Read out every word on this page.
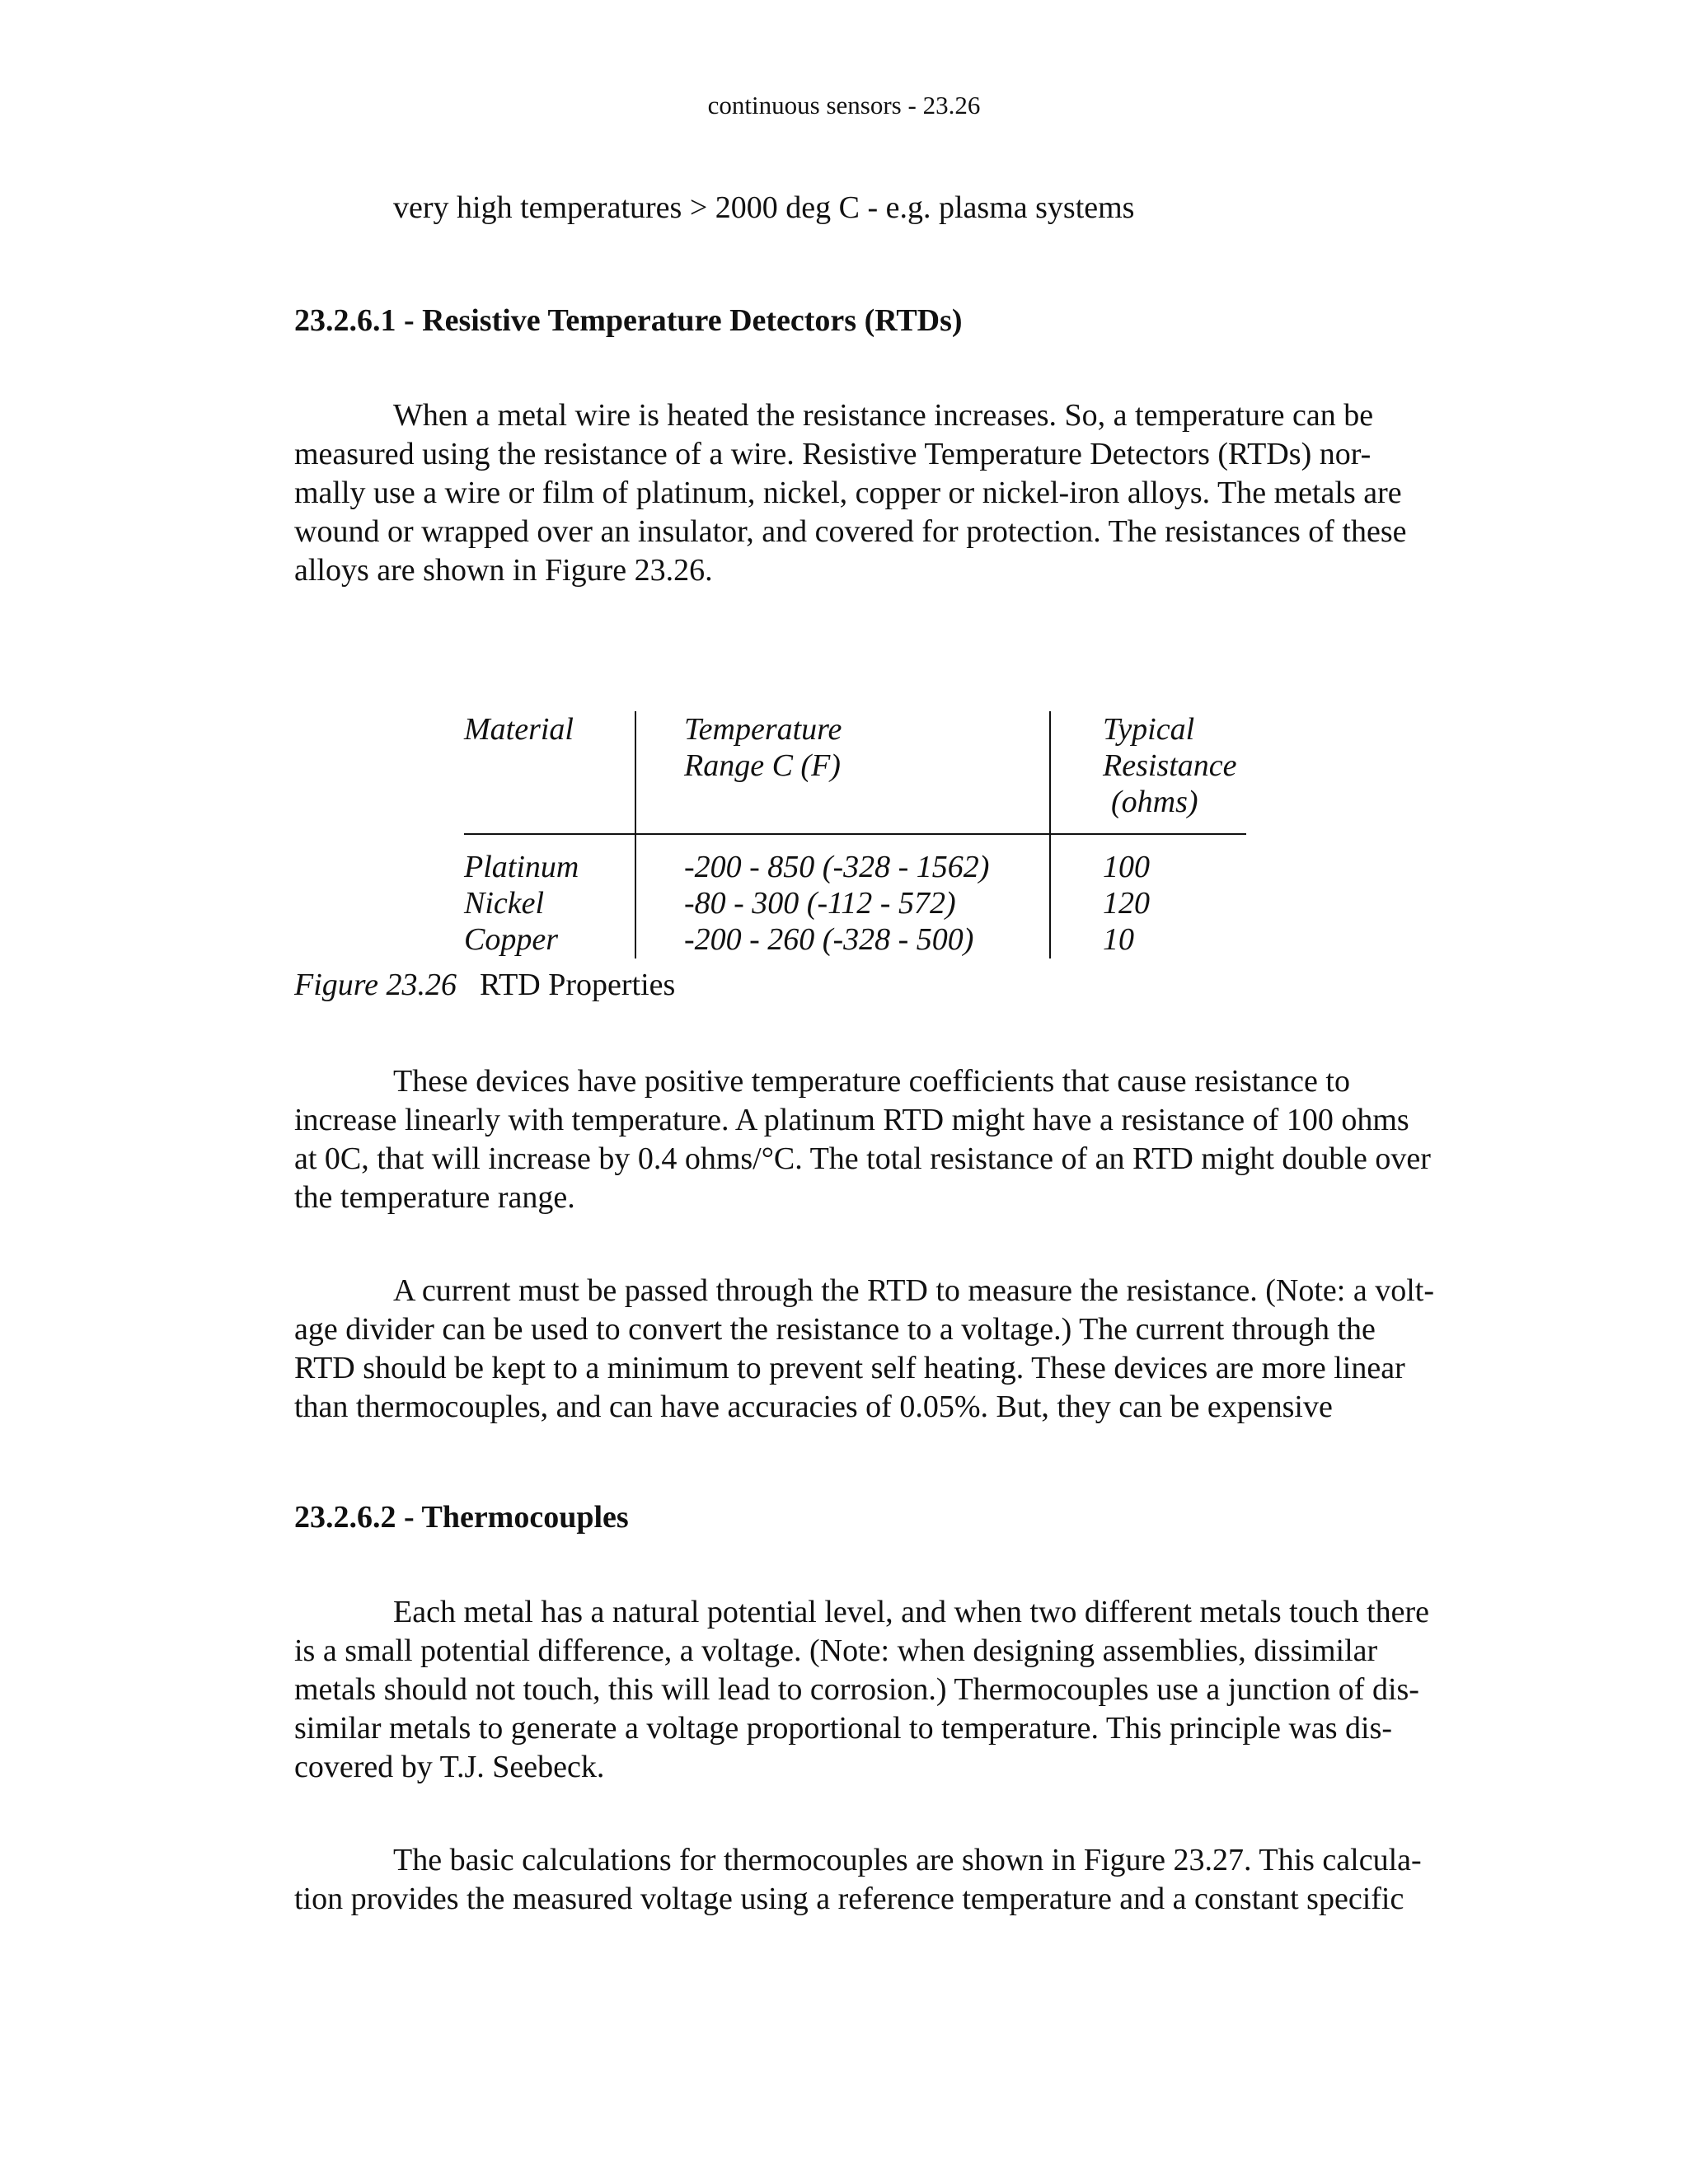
continuous sensors - 23.26
very high temperatures > 2000 deg C - e.g. plasma systems
23.2.6.1 - Resistive Temperature Detectors (RTDs)
When a metal wire is heated the resistance increases. So, a temperature can be
measured using the resistance of a wire. Resistive Temperature Detectors (RTDs) nor-
mally use a wire or film of platinum, nickel, copper or nickel-iron alloys. The metals are
wound or wrapped over an insulator, and covered for protection. The resistances of these
alloys are shown in Figure 23.26.
Material	Temperature
Range C (F)
Typical
Resistance
(ohms)
Platinum
Nickel
Copper
-200 - 850 (-328 - 1562)
-80 - 300 (-112 - 572)
-200 - 260 (-328 - 500)
100
120
10
Figure 23.26 RTD Properties
These devices have positive temperature coefficients that cause resistance to
increase linearly with temperature. A platinum RTD might have a resistance of 100 ohms
at 0C, that will increase by 0.4 ohms/°C. The total resistance of an RTD might double over
the temperature range.
A current must be passed through the RTD to measure the resistance. (Note: a volt-
age divider can be used to convert the resistance to a voltage.) The current through the
RTD should be kept to a minimum to prevent self heating. These devices are more linear
than thermocouples, and can have accuracies of 0.05%. But, they can be expensive
23.2.6.2 - Thermocouples
Each metal has a natural potential level, and when two different metals touch there
is a small potential difference, a voltage. (Note: when designing assemblies, dissimilar
metals should not touch, this will lead to corrosion.) Thermocouples use a junction of dis-
similar metals to generate a voltage proportional to temperature. This principle was dis-
covered by T.J. Seebeck.
The basic calculations for thermocouples are shown in Figure 23.27. This calcula-
tion provides the measured voltage using a reference temperature and a constant specific
